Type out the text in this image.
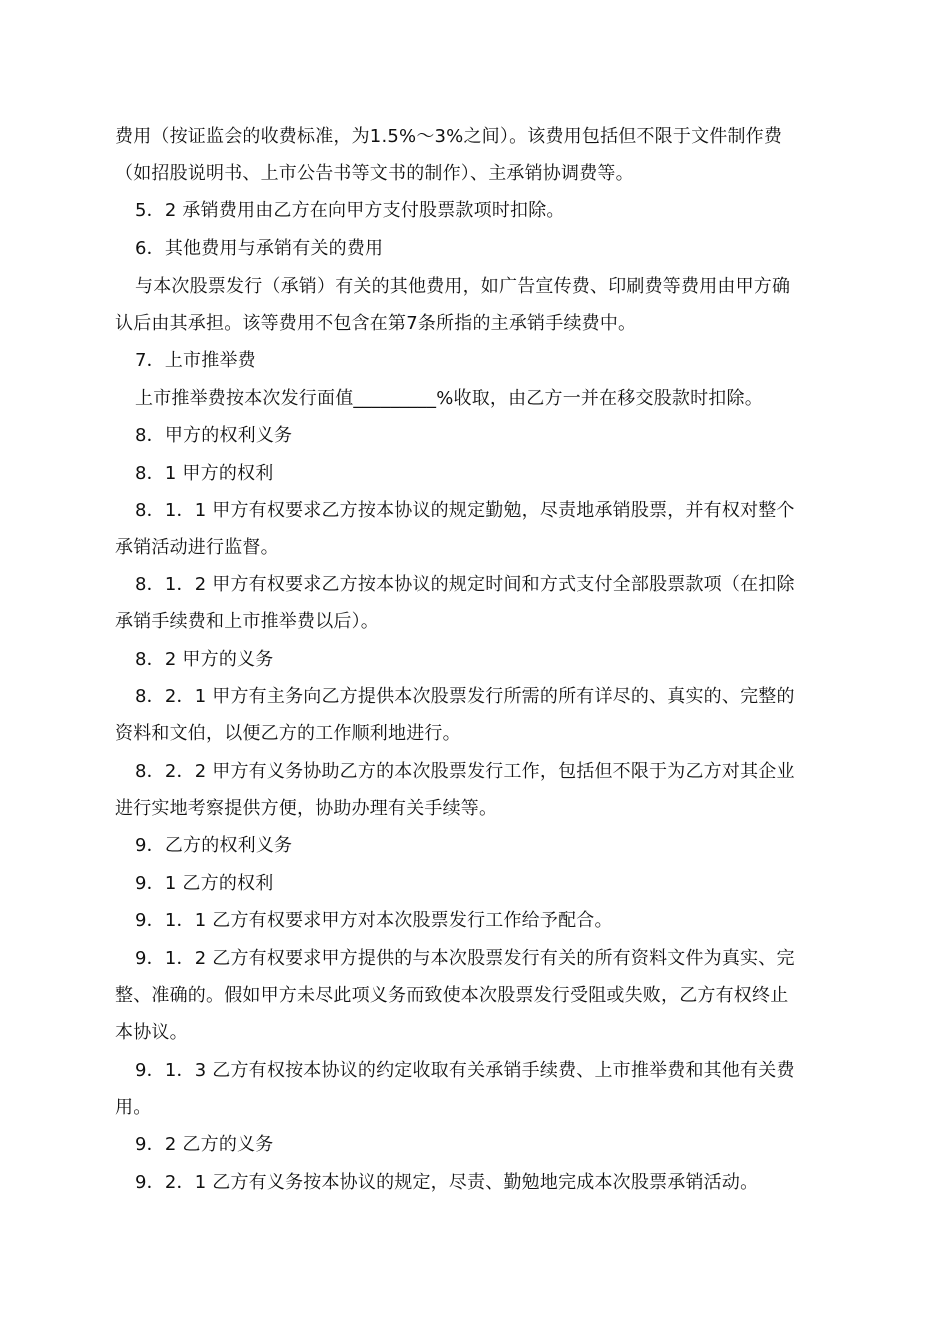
费用（按证监会的收费标准，为1.5%～3%之间）。该费用包括但不限于文件制作费
（如招股说明书、上市公告书等文书的制作）、主承销协调费等。
5．2 承销费用由乙方在向甲方支付股票款项时扣除。
6．其他费用与承销有关的费用
与本次股票发行（承销）有关的其他费用，如广告宣传费、印刷费等费用由甲方确
认后由其承担。该等费用不包含在第7条所指的主承销手续费中。
7．上市推举费
上市推举费按本次发行面值_________%收取，由乙方一并在移交股款时扣除。
8．甲方的权利义务
8．1 甲方的权利
8．1．1 甲方有权要求乙方按本协议的规定勤勉，尽责地承销股票，并有权对整个
承销活动进行监督。
8．1．2 甲方有权要求乙方按本协议的规定时间和方式支付全部股票款项（在扣除
承销手续费和上市推举费以后）。
8．2 甲方的义务
8．2．1 甲方有主务向乙方提供本次股票发行所需的所有详尽的、真实的、完整的
资料和文伯，以便乙方的工作顺利地进行。
8．2．2 甲方有义务协助乙方的本次股票发行工作，包括但不限于为乙方对其企业
进行实地考察提供方便，协助办理有关手续等。
9．乙方的权利义务
9．1 乙方的权利
9．1．1 乙方有权要求甲方对本次股票发行工作给予配合。
9．1．2 乙方有权要求甲方提供的与本次股票发行有关的所有资料文件为真实、完
整、准确的。假如甲方未尽此项义务而致使本次股票发行受阻或失败，乙方有权终止
本协议。
9．1．3 乙方有权按本协议的约定收取有关承销手续费、上市推举费和其他有关费
用。
9．2 乙方的义务
9．2．1 乙方有义务按本协议的规定，尽责、勤勉地完成本次股票承销活动。
